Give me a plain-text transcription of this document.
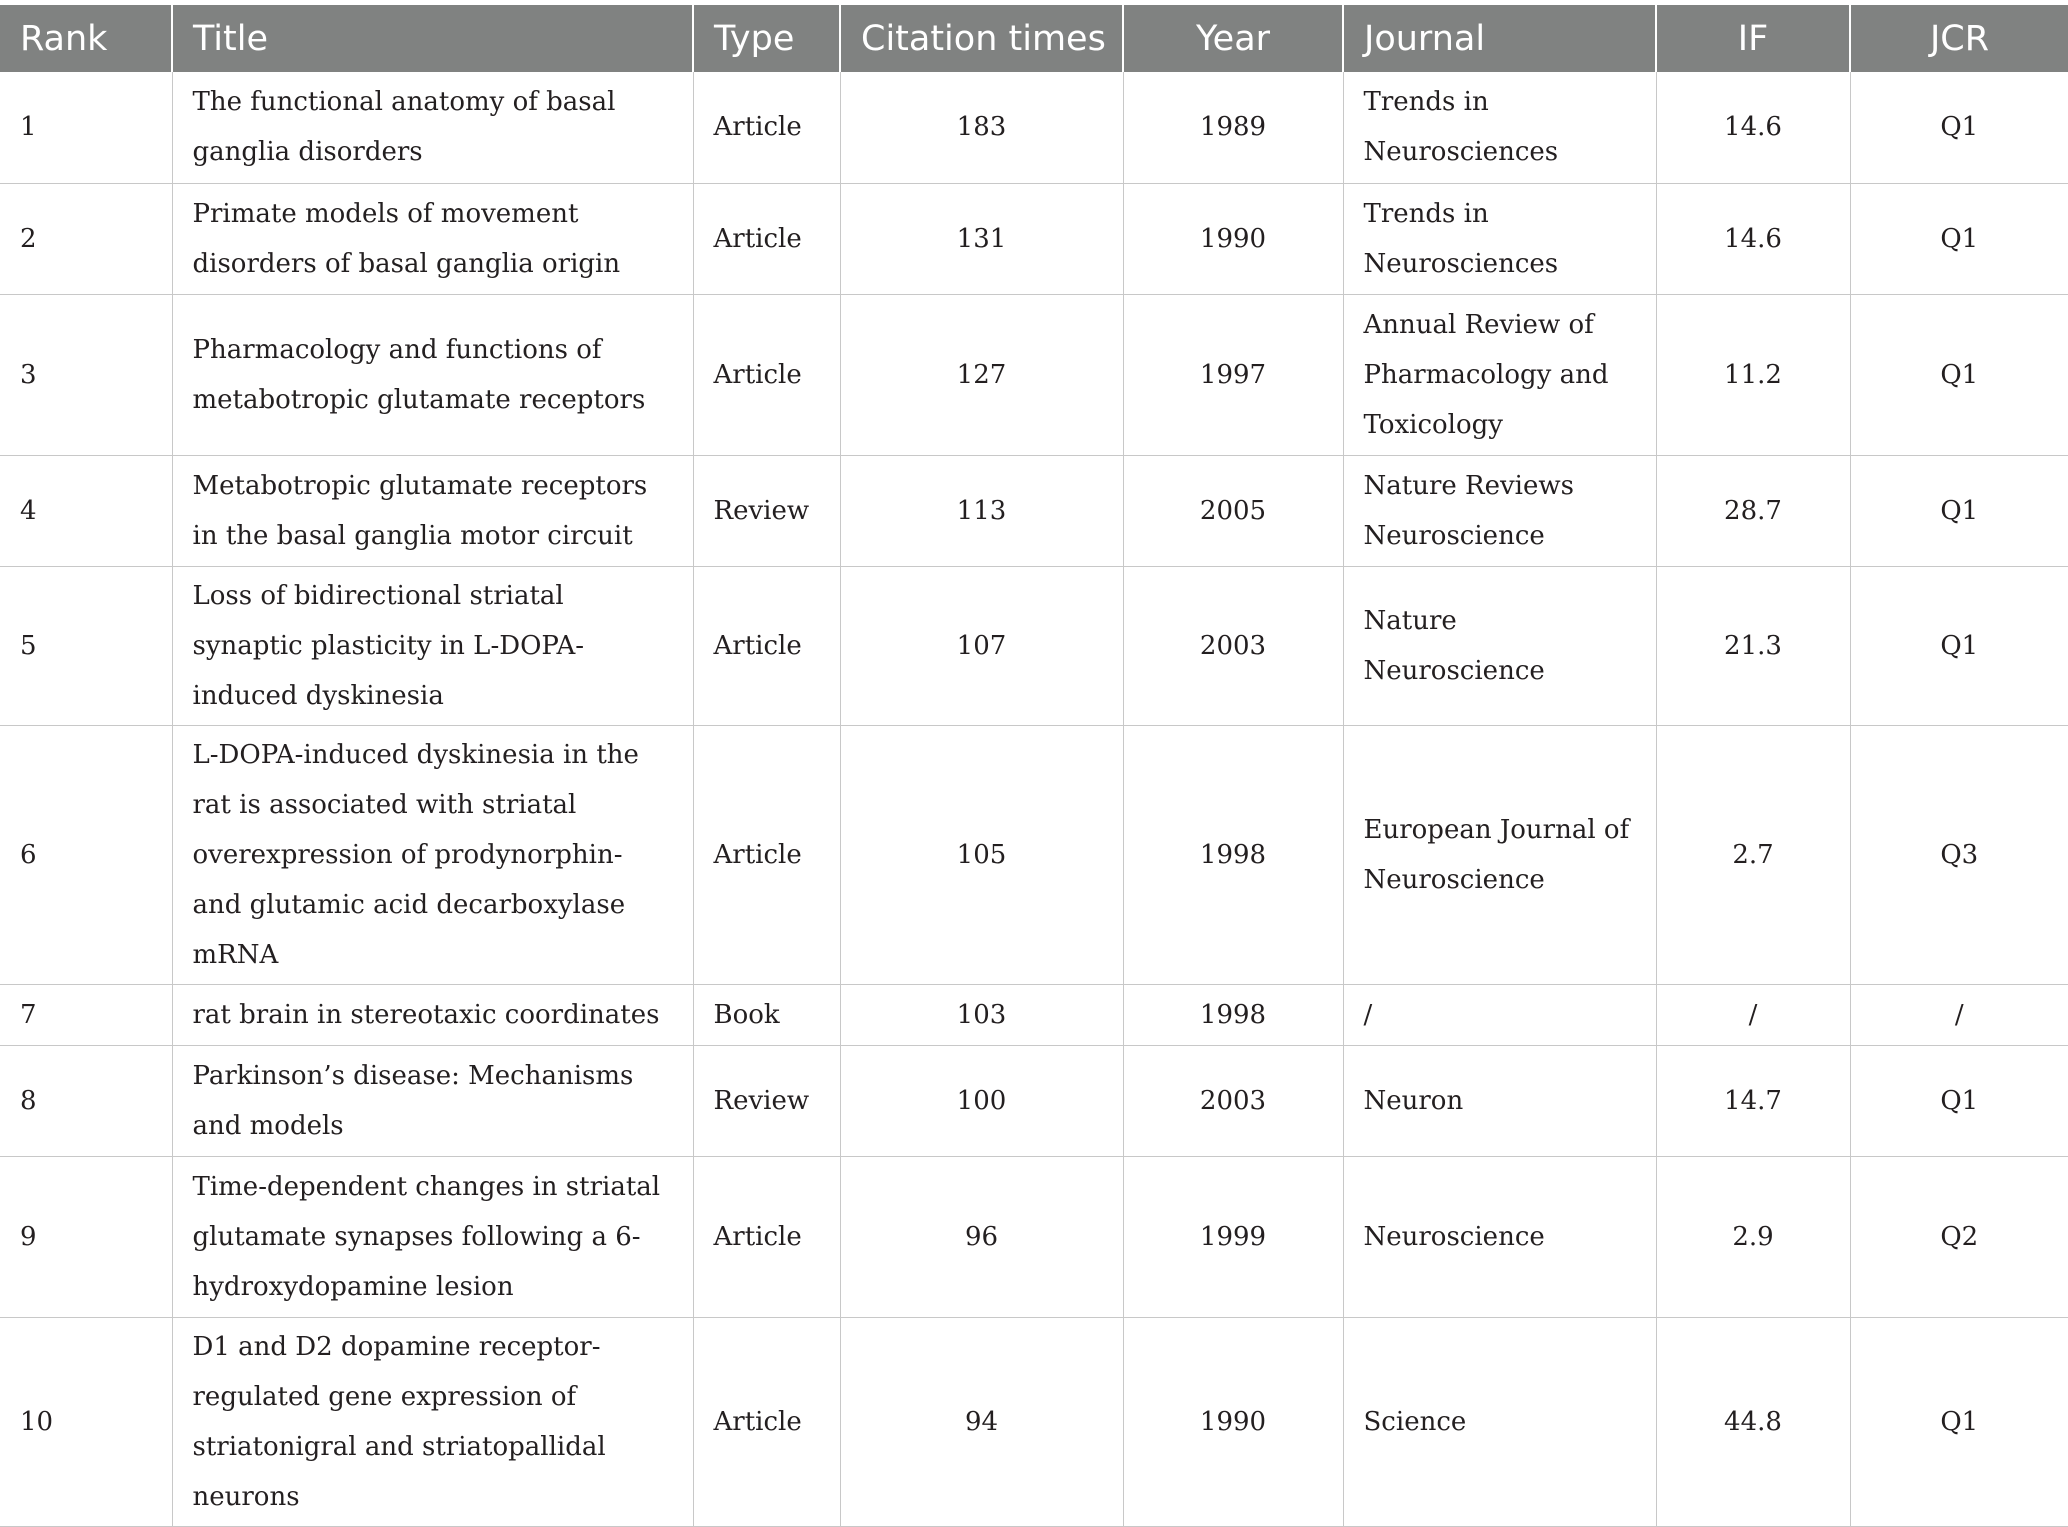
Rank	Title	Type	Citation times	Year	Journal	IF	JCR
1	The functional anatomy of basal ganglia disorders	Article	183	1989	Trends in Neurosciences	14.6	Q1
2	Primate models of movement disorders of basal ganglia origin	Article	131	1990	Trends in Neurosciences	14.6	Q1
3	Pharmacology and functions of metabotropic glutamate receptors	Article	127	1997	Annual Review of Pharmacology and Toxicology	11.2	Q1
4	Metabotropic glutamate receptors in the basal ganglia motor circuit	Review	113	2005	Nature Reviews Neuroscience	28.7	Q1
5	Loss of bidirectional striatal synaptic plasticity in L-DOPA-induced dyskinesia	Article	107	2003	Nature Neuroscience	21.3	Q1
6	L-DOPA-induced dyskinesia in the rat is associated with striatal overexpression of prodynorphin- and glutamic acid decarboxylase mRNA	Article	105	1998	European Journal of Neuroscience	2.7	Q3
7	rat brain in stereotaxic coordinates	Book	103	1998	/	/	/
8	Parkinson’s disease: Mechanisms and models	Review	100	2003	Neuron	14.7	Q1
9	Time-dependent changes in striatal glutamate synapses following a 6-hydroxydopamine lesion	Article	96	1999	Neuroscience	2.9	Q2
10	D1 and D2 dopamine receptor-regulated gene expression of striatonigral and striatopallidal neurons	Article	94	1990	Science	44.8	Q1
